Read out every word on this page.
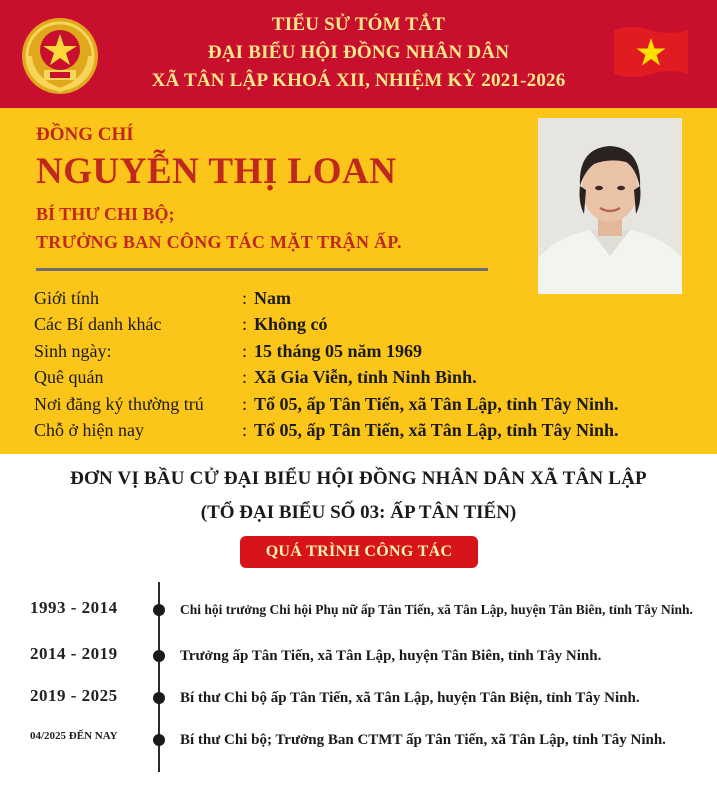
TIỂU SỬ TÓM TẮT
ĐẠI BIỂU HỘI ĐỒNG NHÂN DÂN
XÃ TÂN LẬP KHOÁ XII, NHIỆM KỲ 2021-2026
ĐỒNG CHÍ
NGUYỄN THỊ LOAN
BÍ THƯ CHI BỘ;
TRƯỞNG BAN CÔNG TÁC MẶT TRẬN ẤP.
Giới tính	: Nam
Các Bí danh khác	: Không có
Sinh ngày:	: 15 tháng 05 năm 1969
Quê quán	: Xã Gia Viễn, tỉnh Ninh Bình.
Nơi đăng ký thường trú : Tổ 05, ấp Tân Tiến, xã Tân Lập, tỉnh Tây Ninh.
Chỗ ở hiện nay	: Tổ 05, ấp Tân Tiến, xã Tân Lập, tỉnh Tây Ninh.
ĐƠN VỊ BẦU CỬ ĐẠI BIỂU HỘI ĐỒNG NHÂN DÂN XÃ TÂN LẬP
(TỔ ĐẠI BIỂU SỐ 03: ẤP TÂN TIẾN)
QUÁ TRÌNH CÔNG TÁC
1993 - 2014	Chi hội trưởng Chi hội Phụ nữ ấp Tân Tiến, xã Tân Lập, huyện Tân Biên, tỉnh Tây Ninh.
2014 - 2019	Trưởng ấp Tân Tiến, xã Tân Lập, huyện Tân Biên, tỉnh Tây Ninh.
2019 - 2025	Bí thư Chi bộ ấp Tân Tiến, xã Tân Lập, huyện Tân Biện, tỉnh Tây Ninh.
04/2025 ĐẾN NAY	Bí thư Chi bộ; Trưởng Ban CTMT ấp Tân Tiến, xã Tân Lập, tỉnh Tây Ninh.
